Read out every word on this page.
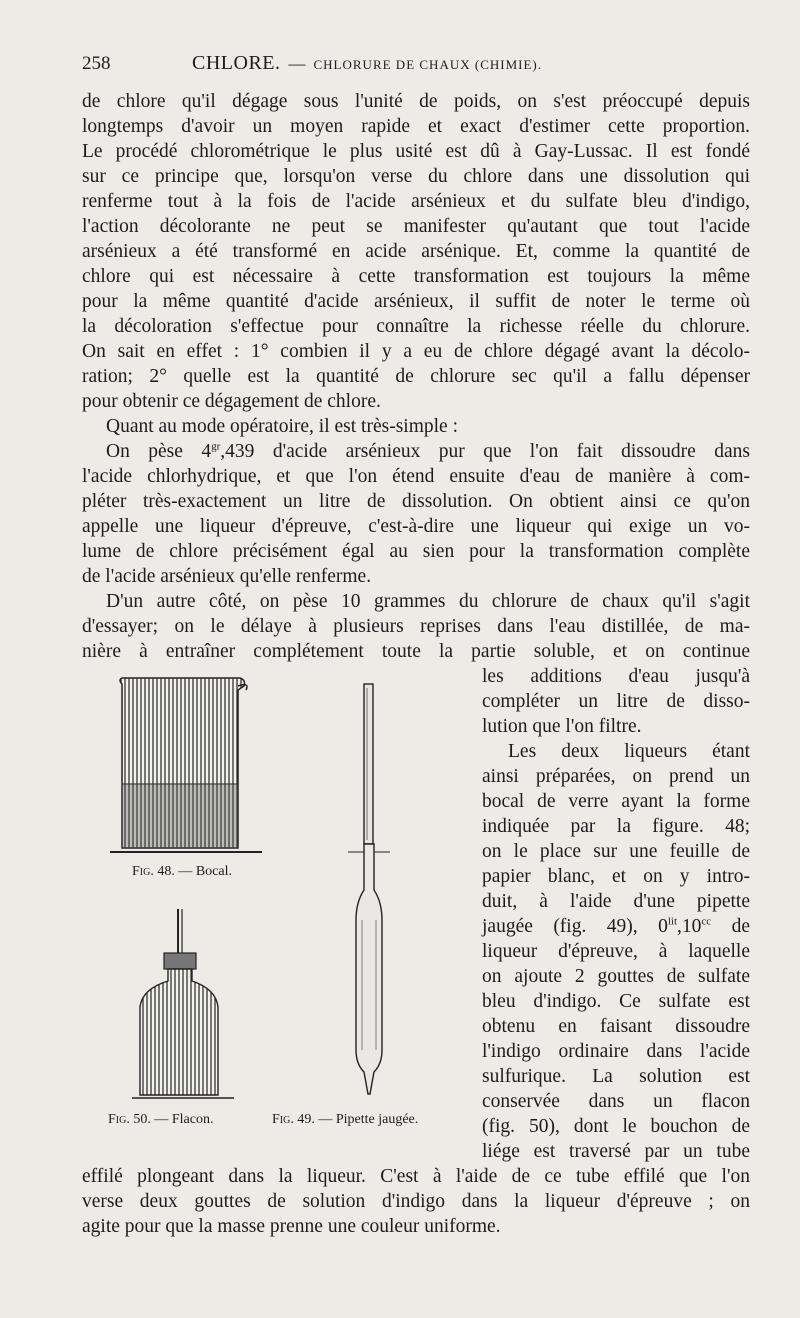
258	CHLORE. — CHLORURE DE CHAUX (CHIMIE).
de chlore qu'il dégage sous l'unité de poids, on s'est préoccupé depuis
longtemps d'avoir un moyen rapide et exact d'estimer cette proportion.
Le procédé chlorométrique le plus usité est dû à Gay-Lussac. Il est fondé
sur ce principe que, lorsqu'on verse du chlore dans une dissolution qui
renferme tout à la fois de l'acide arsénieux et du sulfate bleu d'indigo,
l'action décolorante ne peut se manifester qu'autant que tout l'acide
arsénieux a été transformé en acide arsénique. Et, comme la quantité de
chlore qui est nécessaire à cette transformation est toujours la même
pour la même quantité d'acide arsénieux, il suffit de noter le terme où
la décoloration s'effectue pour connaître la richesse réelle du chlorure.
On sait en effet : 1° combien il y a eu de chlore dégagé avant la décolo-
ration; 2° quelle est la quantité de chlorure sec qu'il a fallu dépenser
pour obtenir ce dégagement de chlore.
Quant au mode opératoire, il est très-simple :
On pèse $4^{gr},439$ d'acide arsénieux pur que l'on fait dissoudre dans
l'acide chlorhydrique, et que l'on étend ensuite d'eau de manière à com-
pléter très-exactement un litre de dissolution. On obtient ainsi ce qu'on
appelle une liqueur d'épreuve, c'est-à-dire une liqueur qui exige un vo-
lume de chlore précisément égal au sien pour la transformation complète
de l'acide arsénieux qu'elle renferme.
D'un autre côté, on pèse 10 grammes du chlorure de chaux qu'il s'agit
d'essayer; on le délaye à plusieurs reprises dans l'eau distillée, de ma-
nière à entraîner complétement toute la partie soluble, et on continue
les additions d'eau jusqu'à
compléter un litre de disso-
lution que l'on filtre.
Les deux liqueurs étant
ainsi préparées, on prend un
bocal de verre ayant la forme
indiquée par la figure. 48;
on le place sur une feuille de
papier blanc, et on y intro-
duit, à l'aide d'une pipette
jaugée (fig. 49), $0^{lit},10^{cc}$ de
liqueur d'épreuve, à laquelle
on ajoute 2 gouttes de sulfate
bleu d'indigo. Ce sulfate est
obtenu en faisant dissoudre
l'indigo ordinaire dans l'acide
sulfurique. La solution est
conservée dans un flacon
(fig. 50), dont le bouchon de
liége est traversé par un tube
effilé plongeant dans la liqueur. C'est à l'aide de ce tube effilé que l'on
verse deux gouttes de solution d'indigo dans la liqueur d'épreuve ; on
agite pour que la masse prenne une couleur uniforme.
Fig. 48. — Bocal.
Fig. 50. — Flacon.	Fig. 49. — Pipette jaugée.
